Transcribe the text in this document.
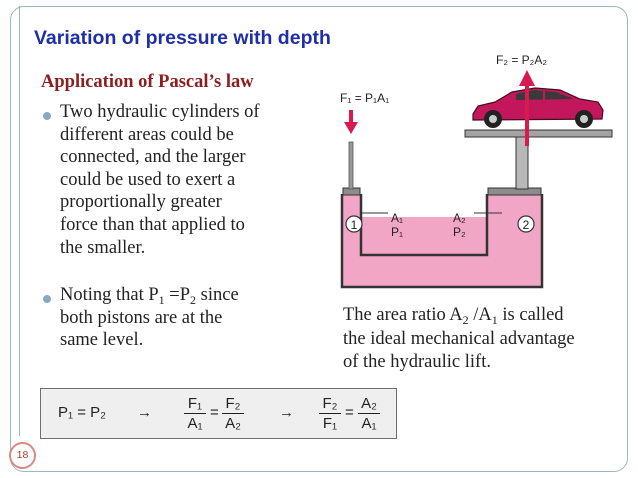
Variation of pressure with depth
Application of Pascal’s law
Two hydraulic cylinders of
different areas could be
connected, and the larger
could be used to exert a
proportionally greater
force than that applied to
the smaller.
Noting that $P_1 =P_2$ since
both pistons are at the
same level.
F₂ = P₂A₂
F₁ = P₁A₁
1	2
A₁
P₁
A₂
P₂
The area ratio $A_2$ $/A_1$ is called
the ideal mechanical advantage
of the hydraulic lift.
P₁ = P₂ →
F₁
A₁
=
F₂
A₂
→
F₂
F₁
=
A₂
A₁
18
